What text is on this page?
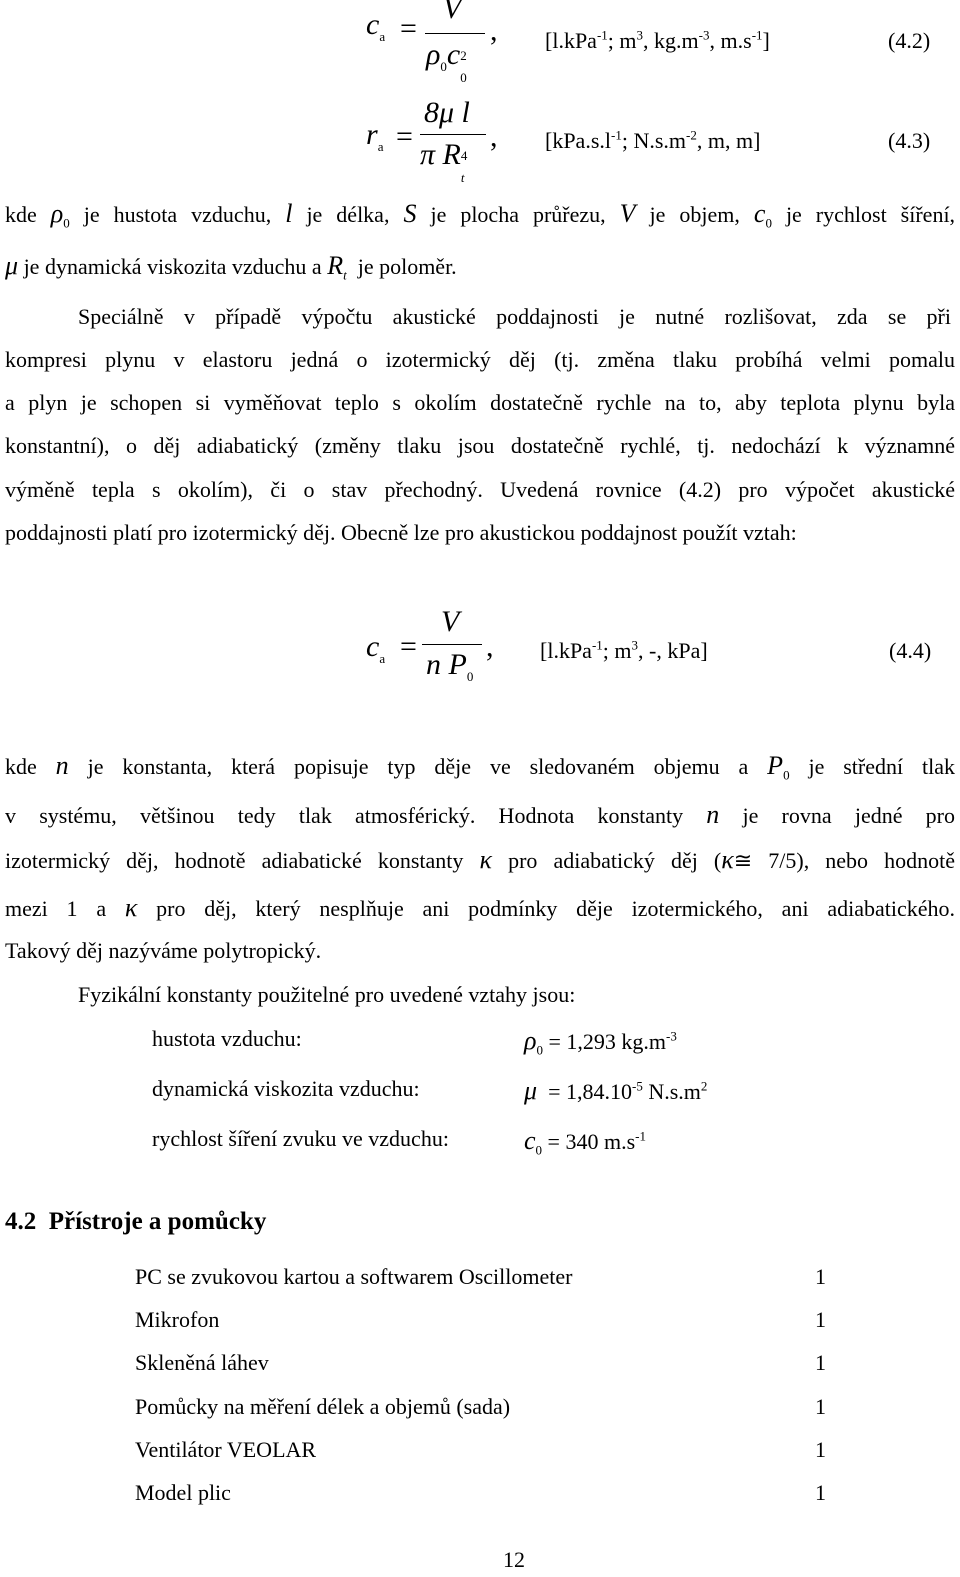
$c_a$ =
V
$\rho_0c$ 2
0
, [l.kPa$^{-1}$; $m^3$, $kg.m^{-3}$, $m.s^{-1}$]	(4.2)
$r_a$ =
8μ l
π R 4
t
, [$kPa.s.l^{-1}$; $N.s.m^{-2}$, m, m]	(4.3)
kde $\rho_0$ je hustota vzduchu, l je délka, S je plocha průřezu, V je objem, $c_0$ je rychlost šíření,
μ je dynamická viskozita vzduchu a $R_t$ je poloměr.
Speciálně v případě výpočtu akustické poddajnosti je nutné rozlišovat, zda se při
kompresi plynu v elastoru jedná o izotermický děj (tj. změna tlaku probíhá velmi pomalu
a plyn je schopen si vyměňovat teplo s okolím dostatečně rychle na to, aby teplota plynu byla
konstantní), o děj adiabatický (změny tlaku jsou dostatečně rychlé, tj. nedochází k významné
výměně tepla s okolím), či o stav přechodný. Uvedená rovnice (4.2) pro výpočet akustické
poddajnosti platí pro izotermický děj. Obecně lze pro akustickou poddajnost použít vztah:
$c_a$ =
V
n $P_0$
, [l.kPa$^{-1}$; $m^3$, -, kPa]	(4.4)
kde n je konstanta, která popisuje typ děje ve sledovaném objemu a $P_0$ je střední tlak
v systému, většinou tedy tlak atmosférický. Hodnota konstanty n je rovna jedné pro
izotermický děj, hodnotě adiabatické konstanty κ pro adiabatický děj (κ≅ 7/5), nebo hodnotě
mezi 1 a κ pro děj, který nesplňuje ani podmínky děje izotermického, ani adiabatického.
Takový děj nazýváme polytropický.
Fyzikální konstanty použitelné pro uvedené vztahy jsou:
hustota vzduchu:	$\rho_0 = 1,293$ $kg.m^{-3}$
dynamická viskozita vzduchu:	$\mu = 1,84.10^{-5}$ $N.s.m^2$
rychlost šíření zvuku ve vzduchu:	$c_0 = 340$ $m.s^{-1}$
4.2 Přístroje a pomůcky
PC se zvukovou kartou a softwarem Oscillometer	1
Mikrofon	1
Skleněná láhev	1
Pomůcky na měření délek a objemů (sada)	1
Ventilátor VEOLAR	1
Model plic	1
12
